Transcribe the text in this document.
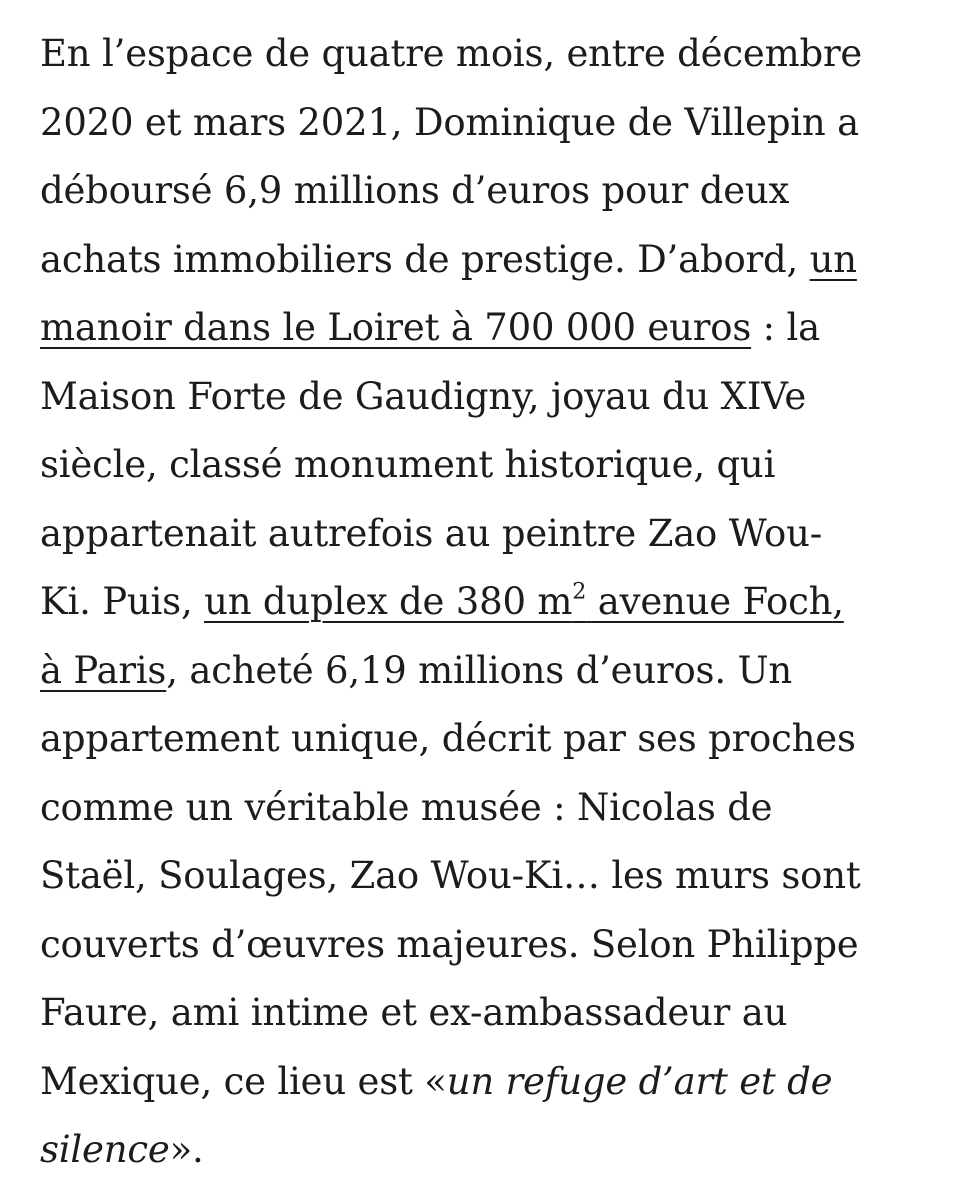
En l’espace de quatre mois, entre décembre
2020 et mars 2021, Dominique de Villepin a
déboursé 6,9 millions d’euros pour deux
achats immobiliers de prestige. D’abord, un
manoir dans le Loiret à 700 000 euros : la
Maison Forte de Gaudigny, joyau du XIVe
siècle, classé monument historique, qui
appartenait autrefois au peintre Zao Wou-
Ki. Puis, un duplex de 380 $m^2$ avenue Foch,
à Paris, acheté 6,19 millions d’euros. Un
appartement unique, décrit par ses proches
comme un véritable musée : Nicolas de
Staël, Soulages, Zao Wou-Ki… les murs sont
couverts d’œuvres majeures. Selon Philippe
Faure, ami intime et ex-ambassadeur au
Mexique, ce lieu est «un refuge d’art et de
silence».
